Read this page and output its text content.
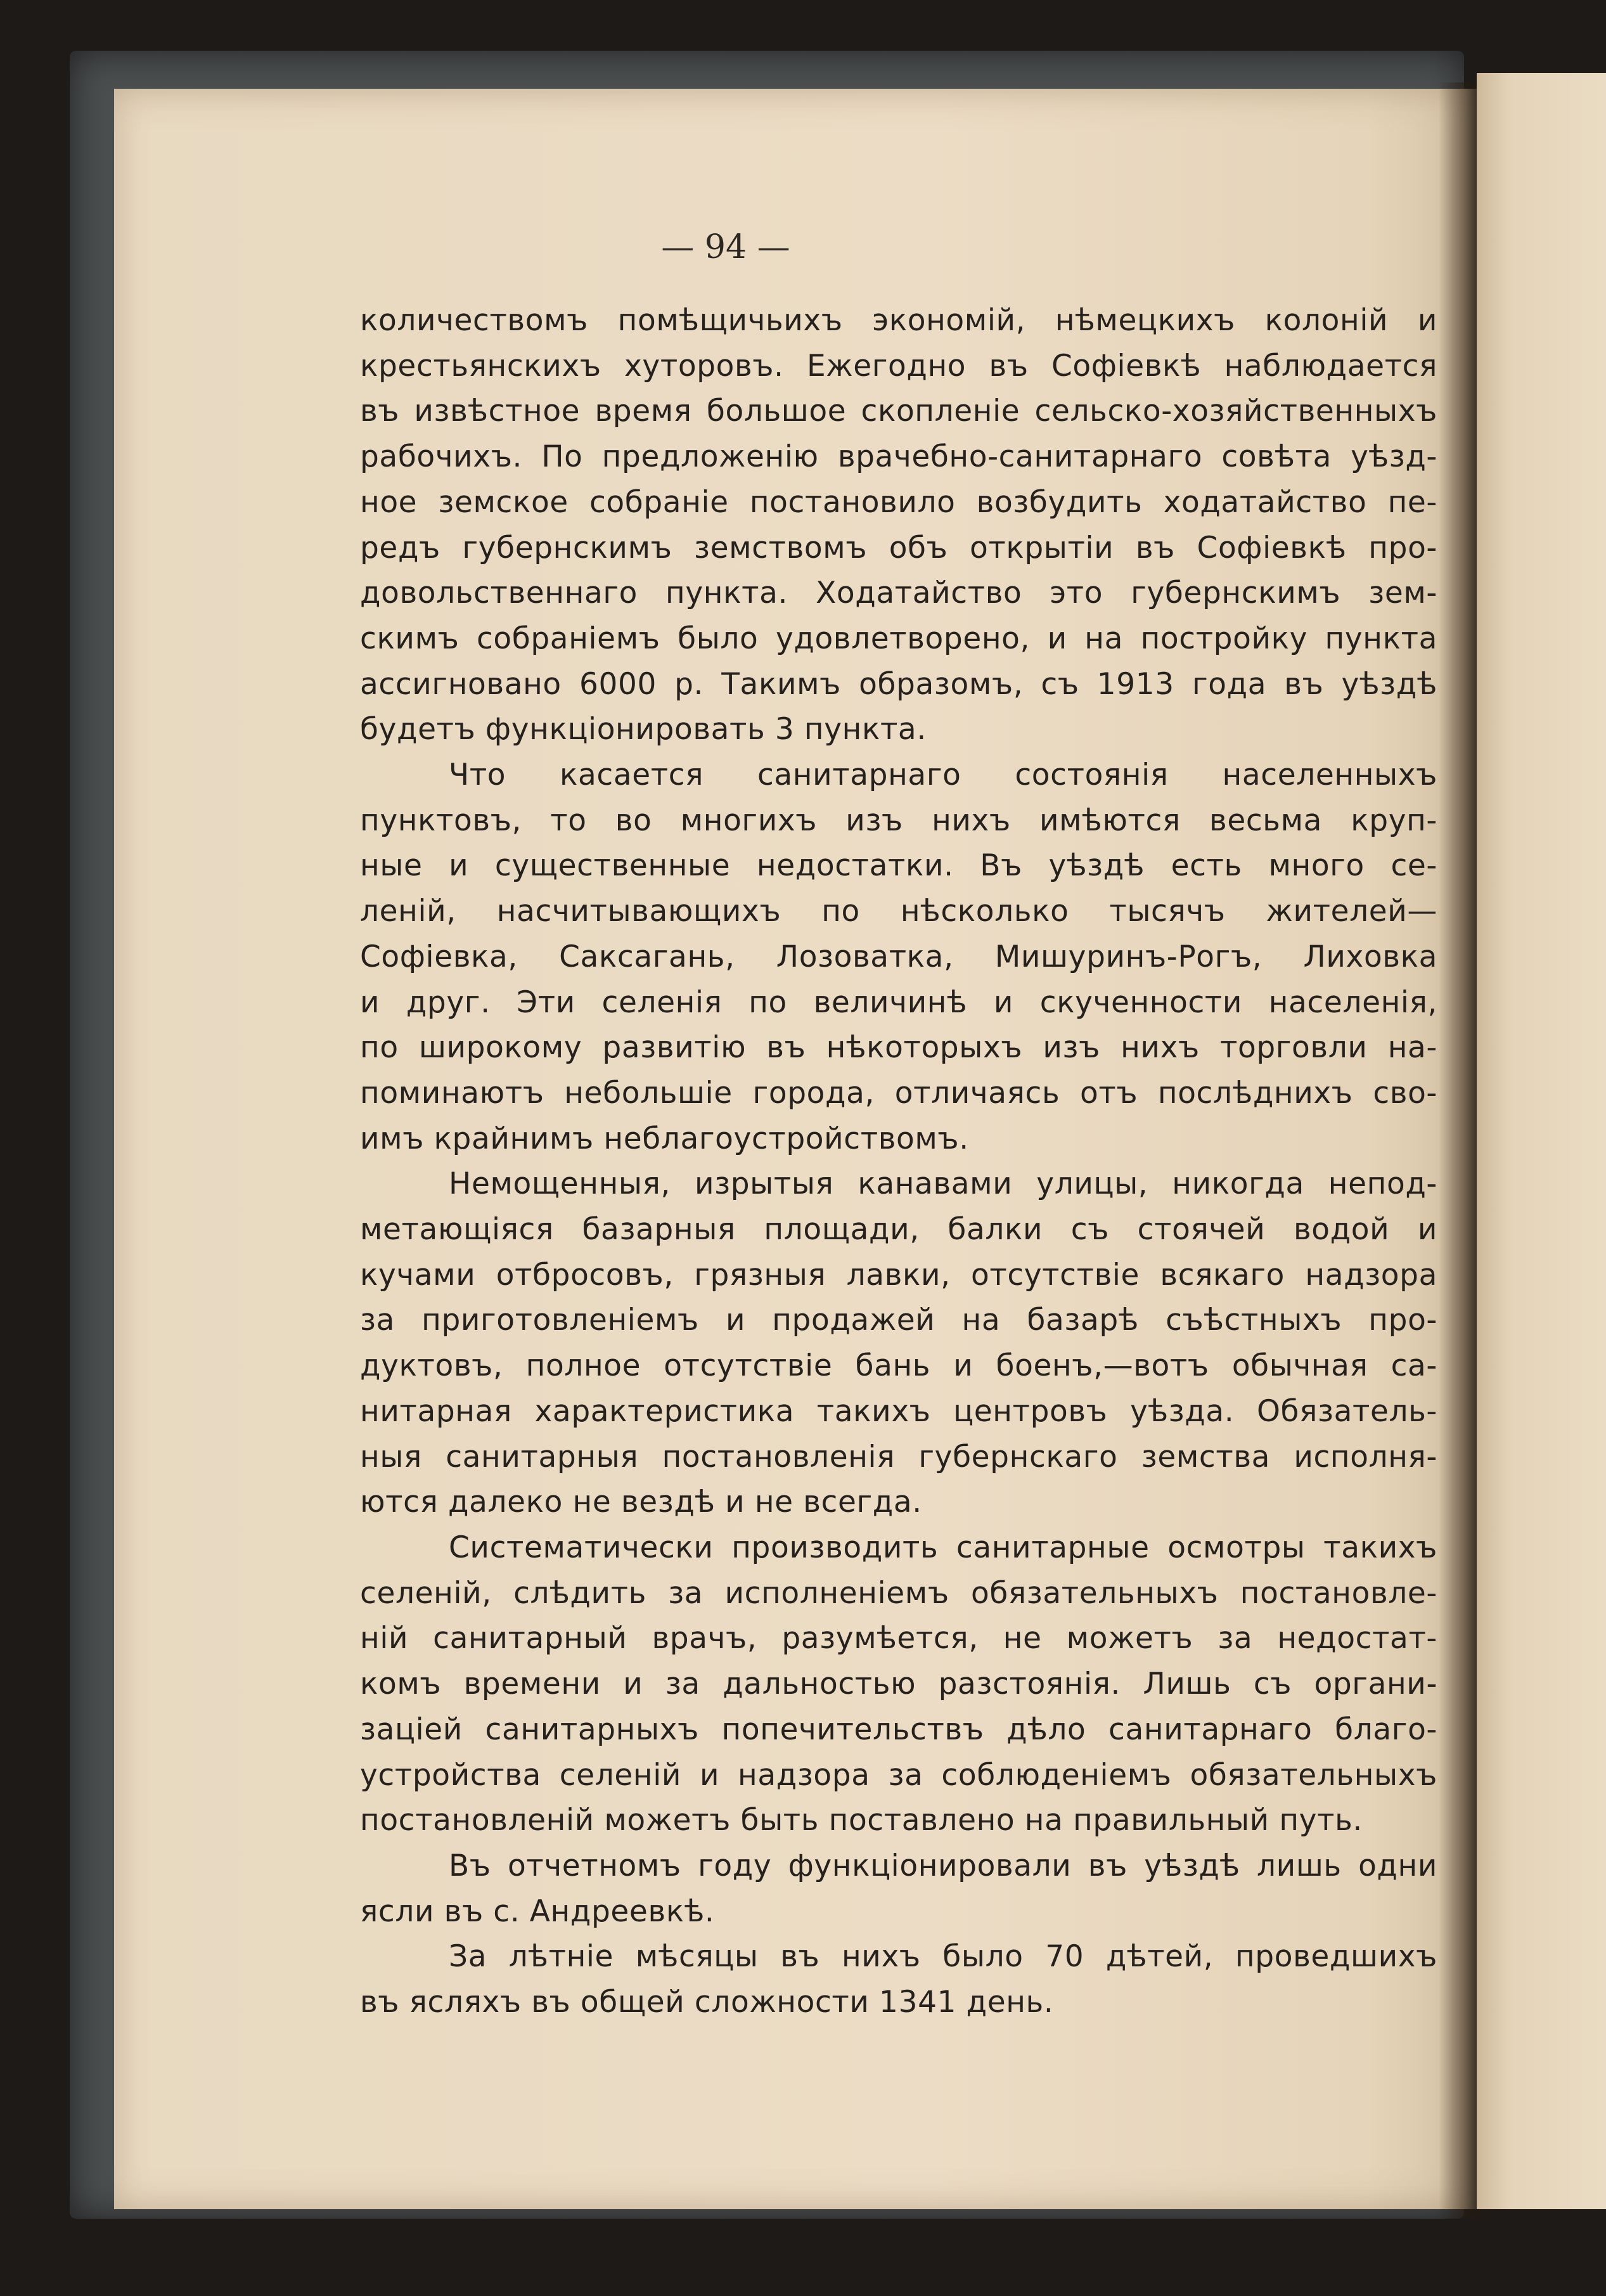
— 94 —
количествомъ помѣщичьихъ экономій, нѣмецкихъ колоній и
крестьянскихъ хуторовъ. Ежегодно въ Софіевкѣ наблюдается
въ извѣстное время большое скопленіе сельско-хозяйственныхъ
рабочихъ. По предложенію врачебно-санитарнаго совѣта уѣзд-
ное земское собраніе постановило возбудить ходатайство пе-
редъ губернскимъ земствомъ объ открытіи въ Софіевкѣ про-
довольственнаго пункта. Ходатайство это губернскимъ зем-
скимъ собраніемъ было удовлетворено, и на постройку пункта
ассигновано 6000 р. Такимъ образомъ, съ 1913 года въ уѣздѣ
будетъ функціонировать 3 пункта.
Что касается санитарнаго состоянія населенныхъ
пунктовъ, то во многихъ изъ нихъ имѣются весьма круп-
ные и существенные недостатки. Въ уѣздѣ есть много се-
леній, насчитывающихъ по нѣсколько тысячъ жителей—
Софіевка, Саксагань, Лозоватка, Мишуринъ-Рогъ, Лиховка
и друг. Эти селенія по величинѣ и скученности населенія,
по широкому развитію въ нѣкоторыхъ изъ нихъ торговли на-
поминаютъ небольшіе города, отличаясь отъ послѣднихъ сво-
имъ крайнимъ неблагоустройствомъ.
Немощенныя, изрытыя канавами улицы, никогда непод-
метающіяся базарныя площади, балки съ стоячей водой и
кучами отбросовъ, грязныя лавки, отсутствіе всякаго надзора
за приготовленіемъ и продажей на базарѣ съѣстныхъ про-
дуктовъ, полное отсутствіе бань и боенъ,—вотъ обычная са-
нитарная характеристика такихъ центровъ уѣзда. Обязатель-
ныя санитарныя постановленія губернскаго земства исполня-
ются далеко не вездѣ и не всегда.
Систематически производить санитарные осмотры такихъ
селеній, слѣдить за исполненіемъ обязательныхъ постановле-
ній санитарный врачъ, разумѣется, не можетъ за недостат-
комъ времени и за дальностью разстоянія. Лишь съ органи-
заціей санитарныхъ попечительствъ дѣло санитарнаго благо-
устройства селеній и надзора за соблюденіемъ обязательныхъ
постановленій можетъ быть поставлено на правильный путь.
Въ отчетномъ году функціонировали въ уѣздѣ лишь одни
ясли въ с. Андреевкѣ.
За лѣтніе мѣсяцы въ нихъ было 70 дѣтей, проведшихъ
въ ясляхъ въ общей сложности 1341 день.
